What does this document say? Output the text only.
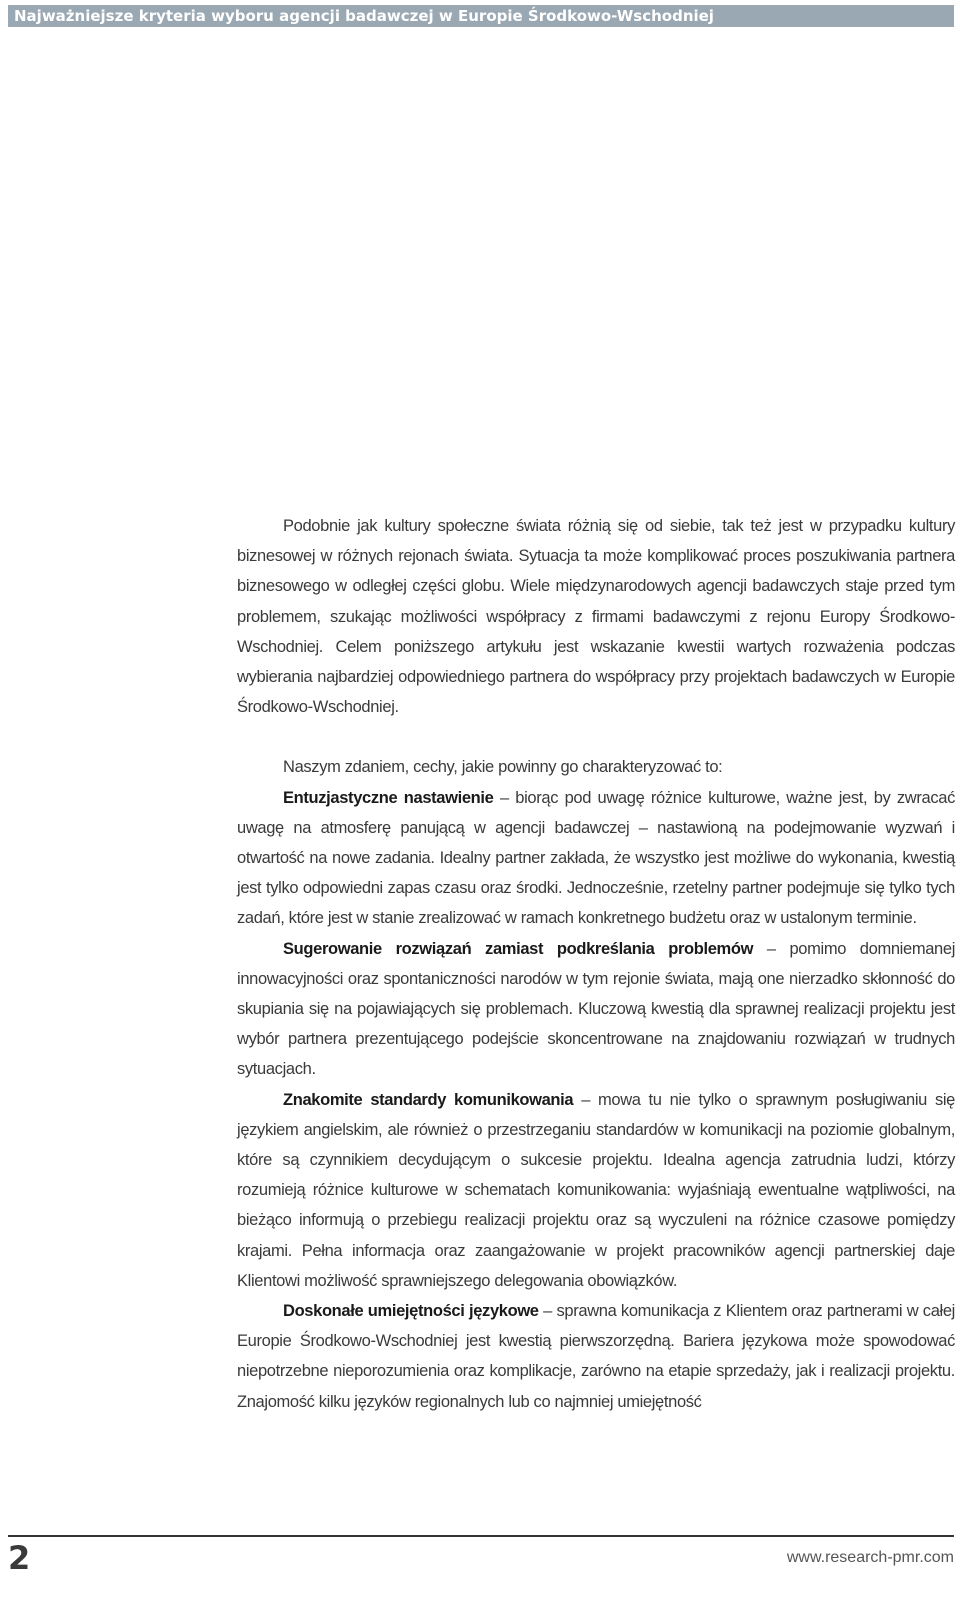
Najważniejsze kryteria wyboru agencji badawczej w Europie Środkowo-Wschodniej

Podobnie jak kultury społeczne świata różnią się od siebie, tak też jest w przypadku kultury biznesowej w różnych rejonach świata. Sytuacja ta może komplikować proces poszukiwania partnera biznesowego w odległej części globu. Wiele międzynarodowych agencji badawczych staje przed tym problemem, szukając możliwości współpracy z firmami badawczymi z rejonu Europy Środkowo-Wschodniej. Celem poniższego artykułu jest wskazanie kwestii wartych rozważenia podczas wybierania najbardziej odpowiedniego partnera do współpracy przy projektach badawczych w Europie Środkowo-Wschodniej.

Naszym zdaniem, cechy, jakie powinny go charakteryzować to:

Entuzjastyczne nastawienie – biorąc pod uwagę różnice kulturowe, ważne jest, by zwracać uwagę na atmosferę panującą w agencji badawczej – nastawioną na podejmowanie wyzwań i otwartość na nowe zadania. Idealny partner zakłada, że wszystko jest możliwe do wykonania, kwestią jest tylko odpowiedni zapas czasu oraz środki. Jednocześnie, rzetelny partner podejmuje się tylko tych zadań, które jest w stanie zrealizować w ramach konkretnego budżetu oraz w ustalonym terminie.

Sugerowanie rozwiązań zamiast podkreślania problemów – pomimo domniemanej innowacyjności oraz spontaniczności narodów w tym rejonie świata, mają one nierzadko skłonność do skupiania się na pojawiających się problemach. Kluczową kwestią dla sprawnej realizacji projektu jest wybór partnera prezentującego podejście skoncentrowane na znajdowaniu rozwiązań w trudnych sytuacjach.

Znakomite standardy komunikowania – mowa tu nie tylko o sprawnym posługiwaniu się językiem angielskim, ale również o przestrzeganiu standardów w komunikacji na poziomie globalnym, które są czynnikiem decydującym o sukcesie projektu. Idealna agencja zatrudnia ludzi, którzy rozumieją różnice kulturowe w schematach komunikowania: wyjaśniają ewentualne wątpliwości, na bieżąco informują o przebiegu realizacji projektu oraz są wyczuleni na różnice czasowe pomiędzy krajami. Pełna informacja oraz zaangażowanie w projekt pracowników agencji partnerskiej daje Klientowi możliwość sprawniejszego delegowania obowiązków.

Doskonałe umiejętności językowe – sprawna komunikacja z Klientem oraz partnerami w całej Europie Środkowo-Wschodniej jest kwestią pierwszorzędną. Bariera językowa może spowodować niepotrzebne nieporozumienia oraz komplikacje, zarówno na etapie sprzedaży, jak i realizacji projektu. Znajomość kilku języków regionalnych lub co najmniej umiejętność

2	www.research-pmr.com
